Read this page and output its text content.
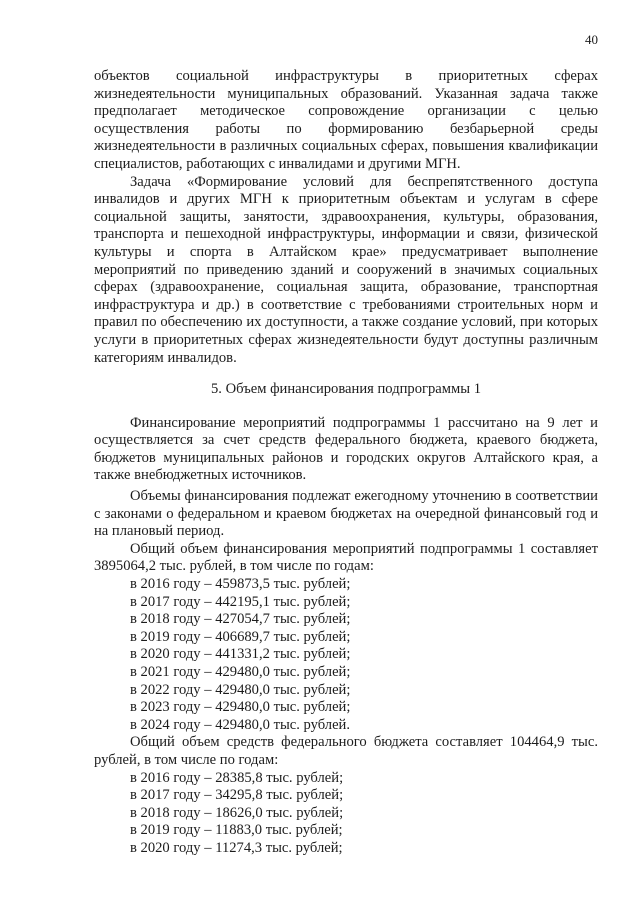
40

объектов социальной инфраструктуры в приоритетных сферах жизнедеятельности муниципальных образований. Указанная задача также предполагает методическое сопровождение организации с целью осуществления работы по формированию безбарьерной среды жизнедеятельности в различных социальных сферах, повышения квалификации специалистов, работающих с инвалидами и другими МГН.

Задача «Формирование условий для беспрепятственного доступа инвалидов и других МГН к приоритетным объектам и услугам в сфере социальной защиты, занятости, здравоохранения, культуры, образования, транспорта и пешеходной инфраструктуры, информации и связи, физической культуры и спорта в Алтайском крае» предусматривает выполнение мероприятий по приведению зданий и сооружений в значимых социальных сферах (здравоохранение, социальная защита, образование, транспортная инфраструктура и др.) в соответствие с требованиями строительных норм и правил по обеспечению их доступности, а также создание условий, при которых услуги в приоритетных сферах жизнедеятельности будут доступны различным категориям инвалидов.

5. Объем финансирования подпрограммы 1

Финансирование мероприятий подпрограммы 1 рассчитано на 9 лет и осуществляется за счет средств федерального бюджета, краевого бюджета, бюджетов муниципальных районов и городских округов Алтайского края, а также внебюджетных источников.

Объемы финансирования подлежат ежегодному уточнению в соответствии с законами о федеральном и краевом бюджетах на очередной финансовый год и на плановый период.

Общий объем финансирования мероприятий подпрограммы 1 составляет 3895064,2 тыс. рублей, в том числе по годам:

в 2016 году – 459873,5 тыс. рублей;

в 2017 году – 442195,1 тыс. рублей;

в 2018 году – 427054,7 тыс. рублей;

в 2019 году – 406689,7 тыс. рублей;

в 2020 году – 441331,2 тыс. рублей;

в 2021 году – 429480,0 тыс. рублей;

в 2022 году – 429480,0 тыс. рублей;

в 2023 году – 429480,0 тыс. рублей;

в 2024 году – 429480,0 тыс. рублей.

Общий объем средств федерального бюджета составляет 104464,9 тыс. рублей, в том числе по годам:

в 2016 году – 28385,8 тыс. рублей;

в 2017 году – 34295,8 тыс. рублей;

в 2018 году – 18626,0 тыс. рублей;

в 2019 году – 11883,0 тыс. рублей;

в 2020 году – 11274,3 тыс. рублей;
